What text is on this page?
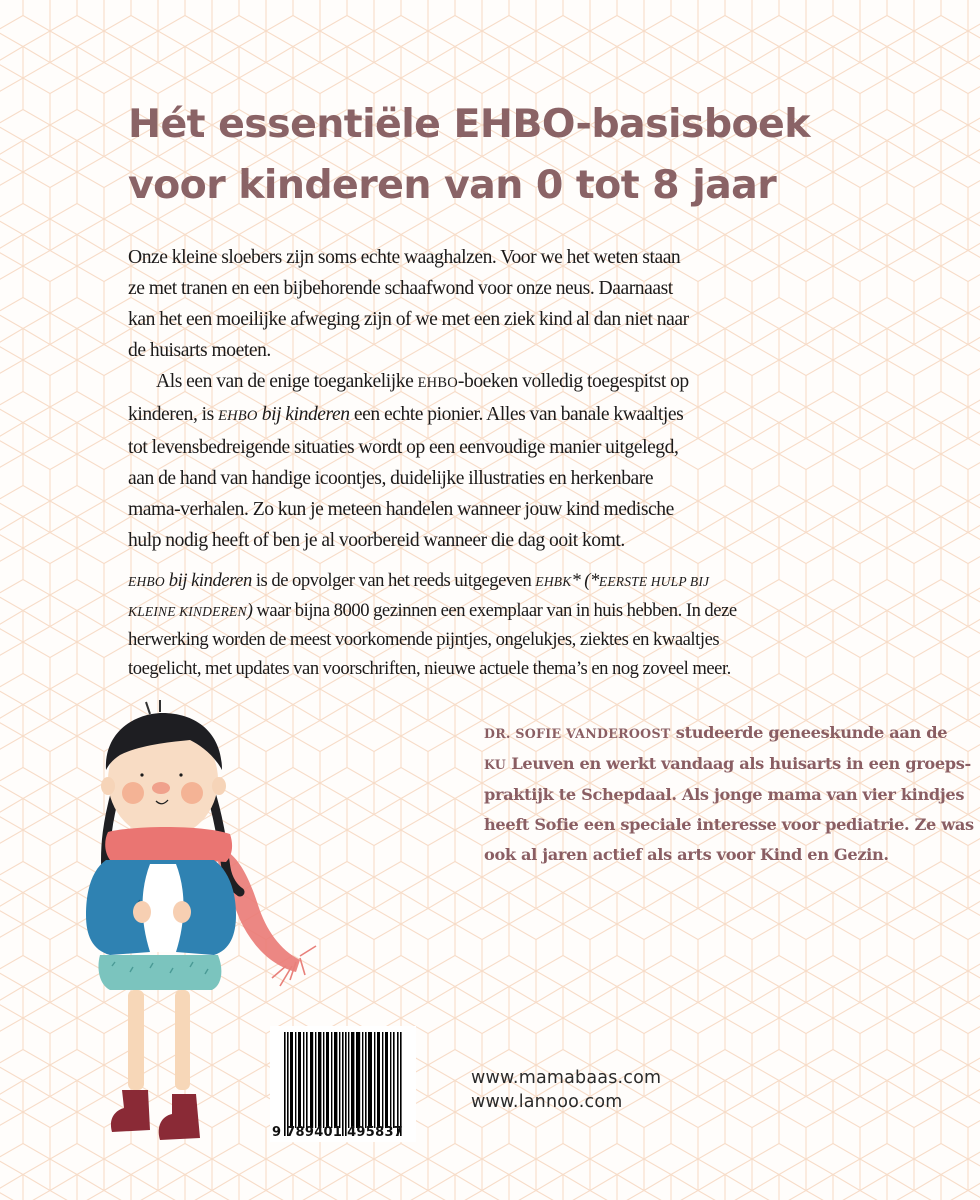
Hét essentiële EHBO-basisboek
voor kinderen van 0 tot 8 jaar
Onze kleine sloebers zijn soms echte waaghalzen. Voor we het weten staan
ze met tranen en een bijbehorende schaafwond voor onze neus. Daarnaast
kan het een moeilijke afweging zijn of we met een ziek kind al dan niet naar
de huisarts moeten.
Als een van de enige toegankelijke EHBO-boeken volledig toegespitst op
kinderen, is EHBO bij kinderen een echte pionier. Alles van banale kwaaltjes
tot levensbedreigende situaties wordt op een eenvoudige manier uitgelegd,
aan de hand van handige icoontjes, duidelijke illustraties en herkenbare
mama-verhalen. Zo kun je meteen handelen wanneer jouw kind medische
hulp nodig heeft of ben je al voorbereid wanneer die dag ooit komt.
EHBO bij kinderen is de opvolger van het reeds uitgegeven EHBK* (*EERSTE HULP BIJ
KLEINE KINDEREN) waar bijna 8000 gezinnen een exemplaar van in huis hebben. In deze
herwerking worden de meest voorkomende pijntjes, ongelukjes, ziektes en kwaaltjes
toegelicht, met updates van voorschriften, nieuwe actuele thema’s en nog zoveel meer.
DR. SOFIE VANDEROOST studeerde geneeskunde aan de
KU Leuven en werkt vandaag als huisarts in een groeps-
praktijk te Schepdaal. Als jonge mama van vier kindjes
heeft Sofie een speciale interesse voor pediatrie. Ze was
ook al jaren actief als arts voor Kind en Gezin.
9 789401 495837
www.mamabaas.com
www.lannoo.com
